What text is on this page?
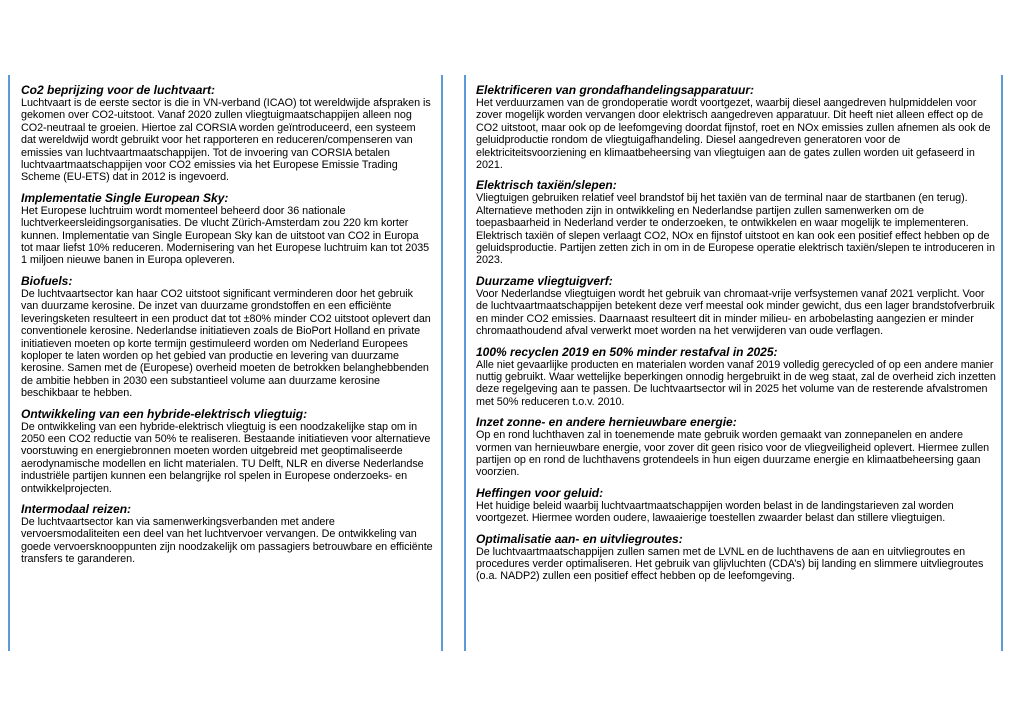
Co2 beprijzing voor de luchtvaart:

Luchtvaart is de eerste sector is die in VN-verband (ICAO) tot wereldwijde afspraken is gekomen over CO2-uitstoot. Vanaf 2020 zullen vliegtuigmaatschappijen alleen nog CO2-neutraal te groeien. Hiertoe zal CORSIA worden geïntroduceerd, een systeem dat wereldwijd wordt gebruikt voor het rapporteren en reduceren/compenseren van emissies van luchtvaartmaatschappijen. Tot de invoering van CORSIA betalen luchtvaartmaatschappijen voor CO2 emissies via het Europese Emissie Trading Scheme (EU-ETS) dat in 2012 is ingevoerd.

Implementatie Single European Sky:

Het Europese luchtruim wordt momenteel beheerd door 36 nationale luchtverkeersleidingsorganisaties. De vlucht Zürich-Amsterdam zou 220 km korter kunnen. Implementatie van Single European Sky kan de uitstoot van CO2 in Europa tot maar liefst 10% reduceren. Modernisering van het Europese luchtruim kan tot 2035 1 miljoen nieuwe banen in Europa opleveren.

Biofuels:

De luchtvaartsector kan haar CO2 uitstoot significant verminderen door het gebruik van duurzame kerosine. De inzet van duurzame grondstoffen en een efficiënte leveringsketen resulteert in een product dat tot ±80% minder CO2 uitstoot oplevert dan conventionele kerosine. Nederlandse initiatieven zoals de BioPort Holland en private initiatieven moeten op korte termijn gestimuleerd worden om Nederland Europees koploper te laten worden op het gebied van productie en levering van duurzame kerosine. Samen met de (Europese) overheid moeten de betrokken belanghebbenden de ambitie hebben in 2030 een substantieel volume aan duurzame kerosine beschikbaar te hebben.

Ontwikkeling van een hybride-elektrisch vliegtuig:

De ontwikkeling van een hybride-elektrisch vliegtuig is een noodzakelijke stap om in 2050 een CO2 reductie van 50% te realiseren. Bestaande initiatieven voor alternatieve voorstuwing en energiebronnen moeten worden uitgebreid met geoptimaliseerde aerodynamische modellen en licht materialen. TU Delft, NLR en diverse Nederlandse industriële partijen kunnen een belangrijke rol spelen in Europese onderzoeks- en ontwikkelprojecten.

Intermodaal reizen:

De luchtvaartsector kan via samenwerkingsverbanden met andere vervoersmodaliteiten een deel van het luchtvervoer vervangen. De ontwikkeling van goede vervoersknooppunten zijn noodzakelijk om passagiers betrouwbare en efficiënte transfers te garanderen.

Elektrificeren van grondafhandelingsapparatuur:

Het verduurzamen van de grondoperatie wordt voortgezet, waarbij diesel aangedreven hulpmiddelen voor zover mogelijk worden vervangen door elektrisch aangedreven apparatuur. Dit heeft niet alleen effect op de CO2 uitstoot, maar ook op de leefomgeving doordat fijnstof, roet en NOx emissies zullen afnemen als ook de geluidproductie rondom de vliegtuigafhandeling. Diesel aangedreven generatoren voor de elektriciteitsvoorziening en klimaatbeheersing van vliegtuigen aan de gates zullen worden uit gefaseerd in 2021.

Elektrisch taxiën/slepen:

Vliegtuigen gebruiken relatief veel brandstof bij het taxiën van de terminal naar de startbanen (en terug). Alternatieve methoden zijn in ontwikkeling en Nederlandse partijen zullen samenwerken om de toepasbaarheid in Nederland verder te onderzoeken, te ontwikkelen en waar mogelijk te implementeren. Elektrisch taxiën of slepen verlaagt CO2, NOx en fijnstof uitstoot en kan ook een positief effect hebben op de geluidsproductie. Partijen zetten zich in om in de Europese operatie elektrisch taxiën/slepen te introduceren in 2023.

Duurzame vliegtuigverf:

Voor Nederlandse vliegtuigen wordt het gebruik van chromaat-vrije verfsystemen vanaf 2021 verplicht. Voor de luchtvaartmaatschappijen betekent deze verf meestal ook minder gewicht, dus een lager brandstofverbruik en minder CO2 emissies. Daarnaast resulteert dit in minder milieu- en arbobelasting aangezien er minder chromaathoudend afval verwerkt moet worden na het verwijderen van oude verflagen.

100% recyclen 2019 en 50% minder restafval in 2025:

Alle niet gevaarlijke producten en materialen worden vanaf 2019 volledig gerecycled of op een andere manier nuttig gebruikt. Waar wettelijke beperkingen onnodig hergebruikt in de weg staat, zal de overheid zich inzetten deze regelgeving aan te passen. De luchtvaartsector wil in 2025 het volume van de resterende afvalstromen met 50% reduceren t.o.v. 2010.

Inzet zonne- en andere hernieuwbare energie:

Op en rond luchthaven zal in toenemende mate gebruik worden gemaakt van zonnepanelen en andere vormen van hernieuwbare energie, voor zover dit geen risico voor de vliegveiligheid oplevert. Hiermee zullen partijen op en rond de luchthavens grotendeels in hun eigen duurzame energie en klimaatbeheersing gaan voorzien.

Heffingen voor geluid:

Het huidige beleid waarbij luchtvaartmaatschappijen worden belast in de landingstarieven zal worden voortgezet. Hiermee worden oudere, lawaaierige toestellen zwaarder belast dan stillere vliegtuigen.

Optimalisatie aan- en uitvliegroutes:

De luchtvaartmaatschappijen zullen samen met de LVNL en de luchthavens de aan en uitvliegroutes en procedures verder optimaliseren. Het gebruik van glijvluchten (CDA’s) bij landing en slimmere uitvliegroutes (o.a. NADP2) zullen een positief effect hebben op de leefomgeving.
